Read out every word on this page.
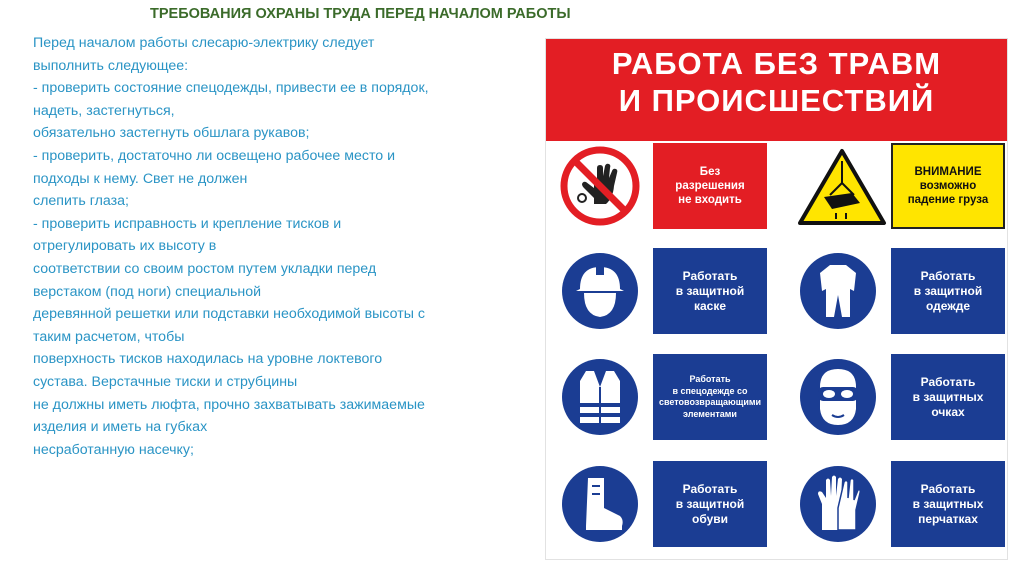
ТРЕБОВАНИЯ ОХРАНЫ ТРУДА ПЕРЕД НАЧАЛОМ РАБОТЫ
Перед началом работы слесарю-электрику следует
выполнить следующее:
- проверить состояние спецодежды, привести ее в порядок,
надеть, застегнуться,
обязательно застегнуть обшлага рукавов;
- проверить, достаточно ли освещено рабочее место и
подходы к нему. Свет не должен
слепить глаза;
- проверить исправность и крепление тисков и
отрегулировать их высоту в
соответствии со своим ростом путем укладки перед
верстаком (под ноги) специальной
деревянной решетки или подставки необходимой высоты с
таким расчетом, чтобы
поверхность тисков находилась на уровне локтевого
сустава. Верстачные тиски и струбцины
не должны иметь люфта, прочно захватывать зажимаемые
изделия и иметь на губках
несработанную насечку;
РАБОТА БЕЗ ТРАВМ
И ПРОИСШЕСТВИЙ
Без
разрешения
не входить
ВНИМАНИЕ
возможно
падение груза
Работать
в защитной
каске
Работать
в защитной
одежде
Работать
в спецодежде со
световозвращающими
элементами
Работать
в защитных
очках
Работать
в защитной
обуви
Работать
в защитных
перчатках
